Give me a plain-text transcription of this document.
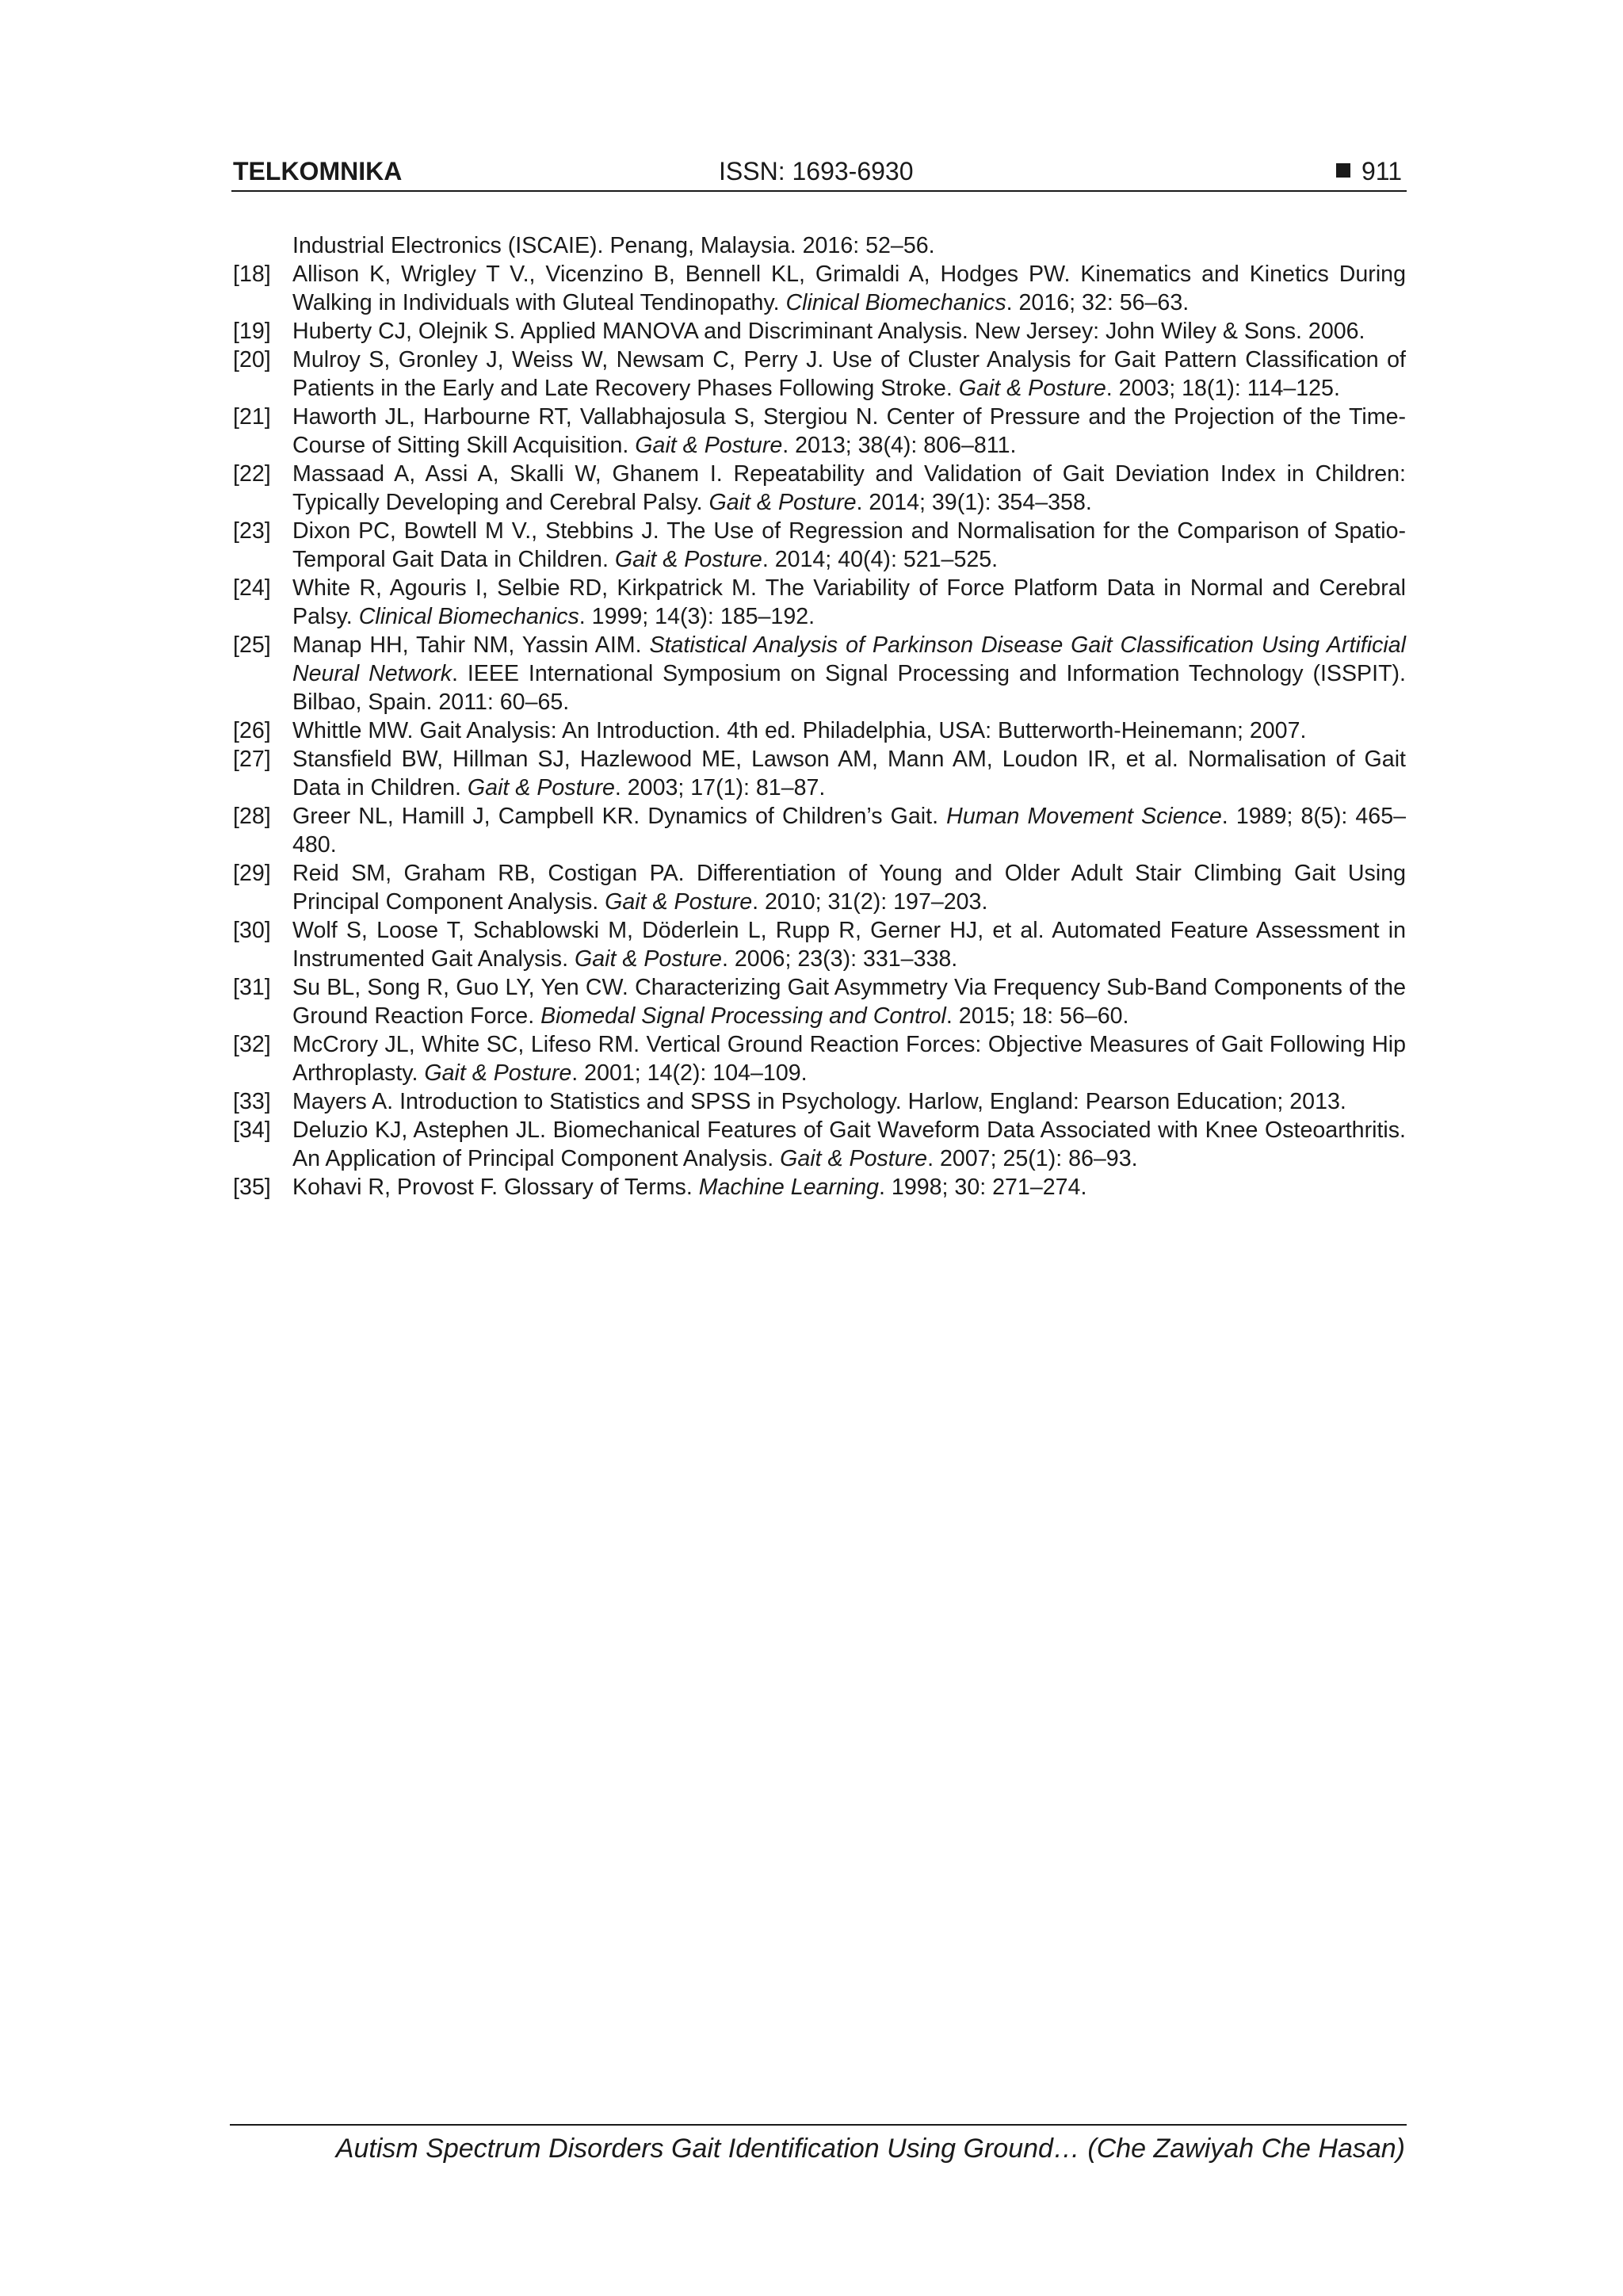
TELKOMNIKA	ISSN: 1693-6930	911
Industrial Electronics (ISCAIE). Penang, Malaysia. 2016: 52–56.
[18] Allison K, Wrigley T V., Vicenzino B, Bennell KL, Grimaldi A, Hodges PW. Kinematics and Kinetics During Walking in Individuals with Gluteal Tendinopathy. Clinical Biomechanics. 2016; 32: 56–63.
[19] Huberty CJ, Olejnik S. Applied MANOVA and Discriminant Analysis. New Jersey: John Wiley & Sons. 2006.
[20] Mulroy S, Gronley J, Weiss W, Newsam C, Perry J. Use of Cluster Analysis for Gait Pattern Classification of Patients in the Early and Late Recovery Phases Following Stroke. Gait & Posture. 2003; 18(1): 114–125.
[21] Haworth JL, Harbourne RT, Vallabhajosula S, Stergiou N. Center of Pressure and the Projection of the Time-Course of Sitting Skill Acquisition. Gait & Posture. 2013; 38(4): 806–811.
[22] Massaad A, Assi A, Skalli W, Ghanem I. Repeatability and Validation of Gait Deviation Index in Children: Typically Developing and Cerebral Palsy. Gait & Posture. 2014; 39(1): 354–358.
[23] Dixon PC, Bowtell M V., Stebbins J. The Use of Regression and Normalisation for the Comparison of Spatio-Temporal Gait Data in Children. Gait & Posture. 2014; 40(4): 521–525.
[24] White R, Agouris I, Selbie RD, Kirkpatrick M. The Variability of Force Platform Data in Normal and Cerebral Palsy. Clinical Biomechanics. 1999; 14(3): 185–192.
[25] Manap HH, Tahir NM, Yassin AIM. Statistical Analysis of Parkinson Disease Gait Classification Using Artificial Neural Network. IEEE International Symposium on Signal Processing and Information Technology (ISSPIT). Bilbao, Spain. 2011: 60–65.
[26] Whittle MW. Gait Analysis: An Introduction. 4th ed. Philadelphia, USA: Butterworth-Heinemann; 2007.
[27] Stansfield BW, Hillman SJ, Hazlewood ME, Lawson AM, Mann AM, Loudon IR, et al. Normalisation of Gait Data in Children. Gait & Posture. 2003; 17(1): 81–87.
[28] Greer NL, Hamill J, Campbell KR. Dynamics of Children’s Gait. Human Movement Science. 1989; 8(5): 465–480.
[29] Reid SM, Graham RB, Costigan PA. Differentiation of Young and Older Adult Stair Climbing Gait Using Principal Component Analysis. Gait & Posture. 2010; 31(2): 197–203.
[30] Wolf S, Loose T, Schablowski M, Döderlein L, Rupp R, Gerner HJ, et al. Automated Feature Assessment in Instrumented Gait Analysis. Gait & Posture. 2006; 23(3): 331–338.
[31] Su BL, Song R, Guo LY, Yen CW. Characterizing Gait Asymmetry Via Frequency Sub-Band Components of the Ground Reaction Force. Biomedal Signal Processing and Control. 2015; 18: 56–60.
[32] McCrory JL, White SC, Lifeso RM. Vertical Ground Reaction Forces: Objective Measures of Gait Following Hip Arthroplasty. Gait & Posture. 2001; 14(2): 104–109.
[33] Mayers A. Introduction to Statistics and SPSS in Psychology. Harlow, England: Pearson Education; 2013.
[34] Deluzio KJ, Astephen JL. Biomechanical Features of Gait Waveform Data Associated with Knee Osteoarthritis. An Application of Principal Component Analysis. Gait & Posture. 2007; 25(1): 86–93.
[35] Kohavi R, Provost F. Glossary of Terms. Machine Learning. 1998; 30: 271–274.
Autism Spectrum Disorders Gait Identification Using Ground… (Che Zawiyah Che Hasan)
